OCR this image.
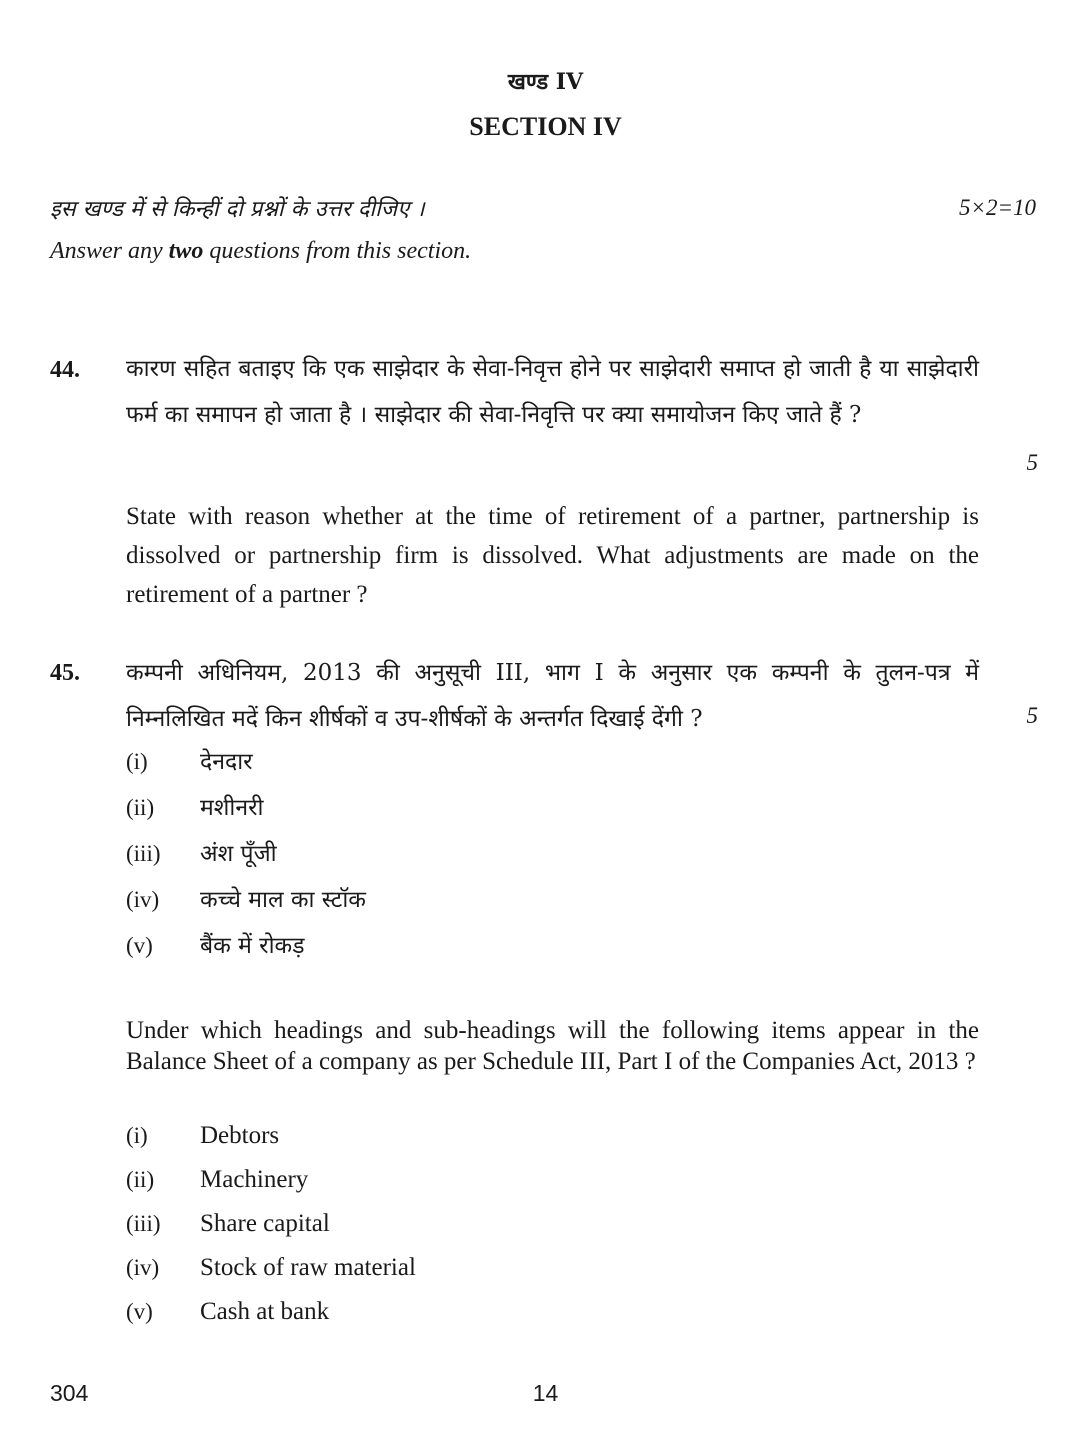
खण्ड IV
SECTION IV
इस खण्ड में से किन्हीं दो प्रश्नों के उत्तर दीजिए ।	5×2=10
Answer any two questions from this section.
44. कारण सहित बताइए कि एक साझेदार के सेवा-निवृत्त होने पर साझेदारी समाप्त हो जाती है या साझेदारी फर्म का समापन हो जाता है । साझेदार की सेवा-निवृत्ति पर क्या समायोजन किए जाते हैं ?
5
State with reason whether at the time of retirement of a partner, partnership is dissolved or partnership firm is dissolved. What adjustments are made on the retirement of a partner ?
45. कम्पनी अधिनियम, 2013 की अनुसूची III, भाग I के अनुसार एक कम्पनी के तुलन-पत्र में निम्नलिखित मदें किन शीर्षकों व उप-शीर्षकों के अन्तर्गत दिखाई देंगी ?	5
(i) देनदार
(ii) मशीनरी
(iii) अंश पूँजी
(iv) कच्चे माल का स्टॉक
(v) बैंक में रोकड़
Under which headings and sub-headings will the following items appear in the Balance Sheet of a company as per Schedule III, Part I of the Companies Act, 2013 ?
(i) Debtors
(ii) Machinery
(iii) Share capital
(iv) Stock of raw material
(v) Cash at bank
304	14
